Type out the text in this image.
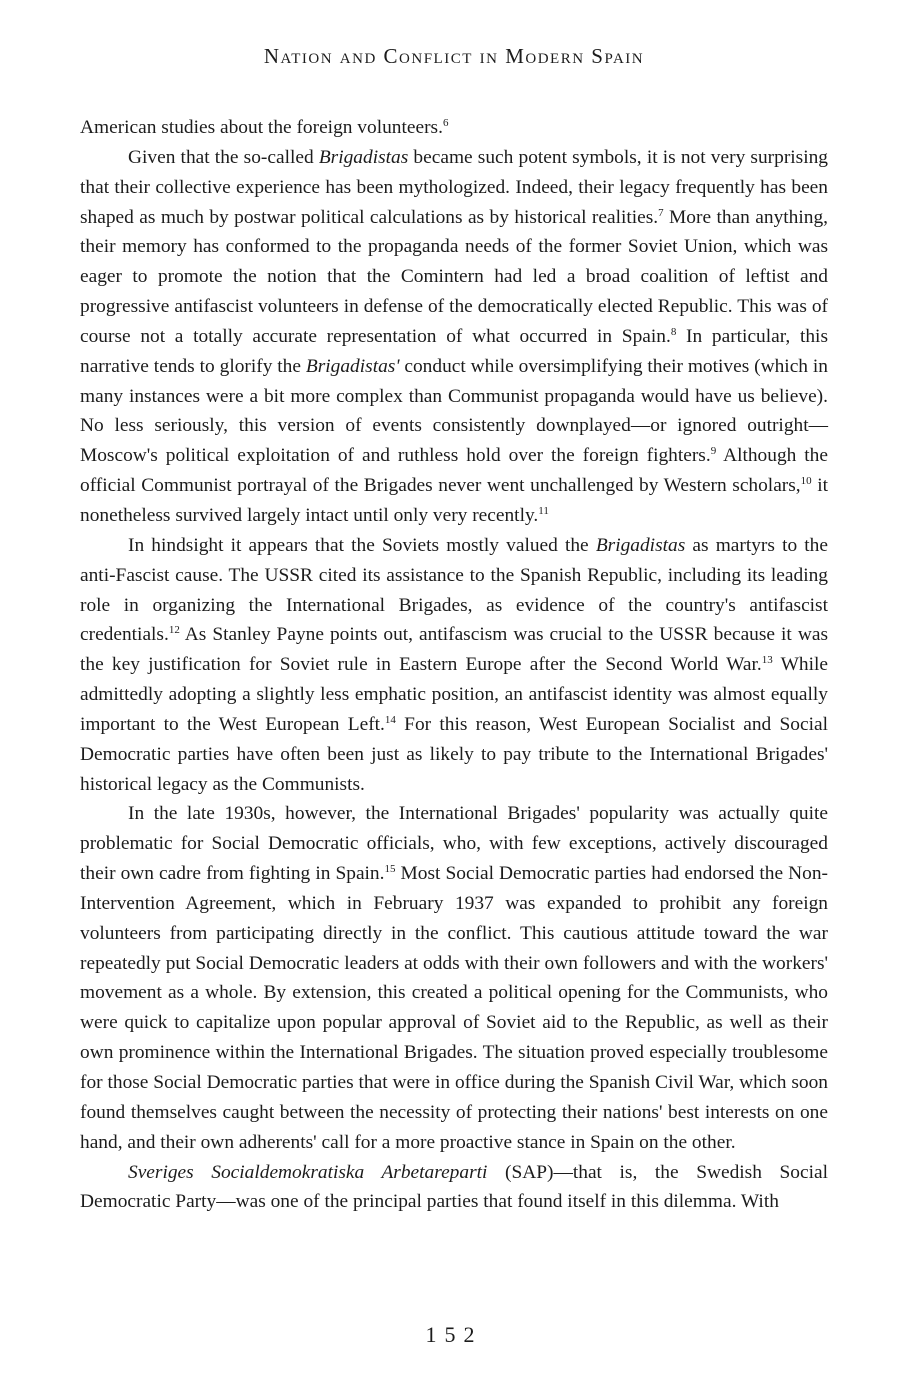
Nation and Conflict in Modern Spain

American studies about the foreign volunteers.$^6$

Given that the so-called Brigadistas became such potent symbols, it is not very surprising that their collective experience has been mythologized. Indeed, their legacy frequently has been shaped as much by postwar political calculations as by historical realities.$^7$ More than anything, their memory has conformed to the propaganda needs of the former Soviet Union, which was eager to promote the notion that the Comintern had led a broad coalition of leftist and progressive antifascist volunteers in defense of the democratically elected Republic. This was of course not a totally accurate representation of what occurred in Spain.$^8$ In particular, this narrative tends to glorify the Brigadistas' conduct while oversimplifying their motives (which in many instances were a bit more complex than Communist propaganda would have us believe). No less seriously, this version of events consistently downplayed—or ignored outright—Moscow's political exploitation of and ruthless hold over the foreign fighters.$^9$ Although the official Communist portrayal of the Brigades never went unchallenged by Western scholars,$^{10}$ it nonetheless survived largely intact until only very recently.$^{11}$

In hindsight it appears that the Soviets mostly valued the Brigadistas as martyrs to the anti-Fascist cause. The USSR cited its assistance to the Spanish Republic, including its leading role in organizing the International Brigades, as evidence of the country's antifascist credentials.$^{12}$ As Stanley Payne points out, antifascism was crucial to the USSR because it was the key justification for Soviet rule in Eastern Europe after the Second World War.$^{13}$ While admittedly adopting a slightly less emphatic position, an antifascist identity was almost equally important to the West European Left.$^{14}$ For this reason, West European Socialist and Social Democratic parties have often been just as likely to pay tribute to the International Brigades' historical legacy as the Communists.

In the late 1930s, however, the International Brigades' popularity was actually quite problematic for Social Democratic officials, who, with few exceptions, actively discouraged their own cadre from fighting in Spain.$^{15}$ Most Social Democratic parties had endorsed the Non-Intervention Agreement, which in February 1937 was expanded to prohibit any foreign volunteers from participating directly in the conflict. This cautious attitude toward the war repeatedly put Social Democratic leaders at odds with their own followers and with the workers' movement as a whole. By extension, this created a political opening for the Communists, who were quick to capitalize upon popular approval of Soviet aid to the Republic, as well as their own prominence within the International Brigades. The situation proved especially troublesome for those Social Democratic parties that were in office during the Spanish Civil War, which soon found themselves caught between the necessity of protecting their nations' best interests on one hand, and their own adherents' call for a more proactive stance in Spain on the other.

Sveriges Socialdemokratiska Arbetareparti (SAP)—that is, the Swedish Social Democratic Party—was one of the principal parties that found itself in this dilemma. With

152
